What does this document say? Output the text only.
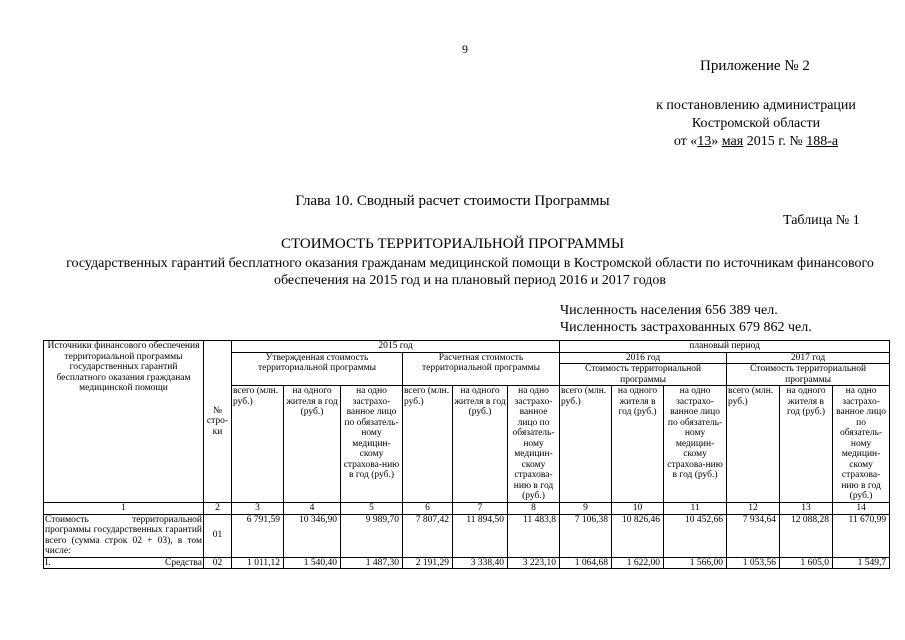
9
Приложение № 2
к постановлению администрации
Костромской области
от «13» мая 2015 г. № 188-а
Глава 10. Сводный расчет стоимости Программы
Таблица № 1
СТОИМОСТЬ ТЕРРИТОРИАЛЬНОЙ ПРОГРАММЫ
государственных гарантий бесплатного оказания гражданам медицинской помощи в Костромской области по источникам финансового обеспечения на 2015 год и на плановый период 2016 и 2017 годов
Численность населения 656 389 чел.
Численность застрахованных 679 862 чел.
Источники финансового обеспечения территориальной программы государственных гарантий бесплатного оказания гражданам медицинской помощи	№ стро-ки	2015 год						плановый период					
		Утвержденная стоимость территориальной программы			Расчетная стоимость территориальной программы			2016 год			2017 год		
								Стоимость территориальной программы			Стоимость территориальной программы		
		всего (млн. руб.)	на одного жителя в год (руб.)	на одно застрахо-ванное лицо по обязатель-ному медицин-скому страхова-нию в год (руб.)	всего (млн. руб.)	на одного жителя в год (руб.)	на одно застрахо-ванное лицо по обязатель-ному медицин-скому страхова-нию в год (руб.)	всего (млн. руб.)	на одного жителя в год (руб.)	на одно застрахо-ванное лицо по обязатель-ному медицин-скому страхова-нию в год (руб.)	всего (млн. руб.)	на одного жителя в год (руб.)	на одно застрахо-ванное лицо по обязатель-ному медицин-скому страхова-нию в год (руб.)
1	2	3	4	5	6	7	8	9	10	11	12	13	14
Стоимость территориальной программы государственных гарантий всего (сумма строк 02 + 03), в том числе:	01	6 791,59	10 346,90	9 989,70	7 807,42	11 894,50	11 483,8	7 106,38	10 826,46	10 452,66	7 934,64	12 088,28	11 670,99

I. Средства	02	1 011,12	1 540,40	1 487,30	2 191,29	3 338,40	3 223,10	1 064,68	1 622,00	1 566,00	1 053,56	1 605,0	1 549,7
